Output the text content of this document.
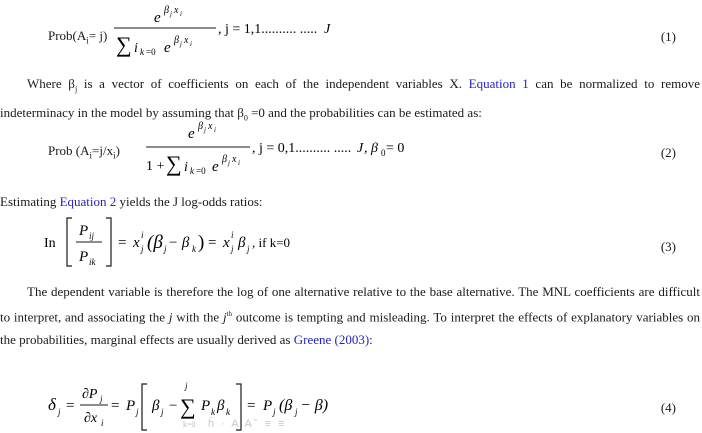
$Prob(A_i= j)$
e β j x i
∑ i k =0 e β j x i
, j = 1,1.......... ..... J	(1)
Where $\beta_j$ is a vector of coefficients on each of the independent variables X. Equation 1 can be normalized to remove indeterminacy in the model by assuming that $\beta_0 =0$ and the probabilities can be estimated as:
Prob $(A_i=j/x_i)$
e β j x i
1 + ∑ i k =0 e β j x i
, j = 0,1.......... ..... J , β 0 = 0	(2)
Estimating Equation 2 yields the J log-odds ratios:
In
P ij
P ik
= x i
j (β j − β k ) = x i
j β j , if k=0	(3)
The dependent variable is therefore the log of one alternative relative to the base alternative. The MNL coefficients are difficult to interpret, and associating the j with the $j^{th}$ outcome is tempting and misleading. To interpret the effects of explanatory variables on the probabilities, marginal effects are usually derived as Greene (2003):
δ j =
∂P j
∂x i
= P j β j −
j
∑
k=0
P k β k = P j (β j − β)	(4)
ĥ · A Aˇ ≡ ≡
